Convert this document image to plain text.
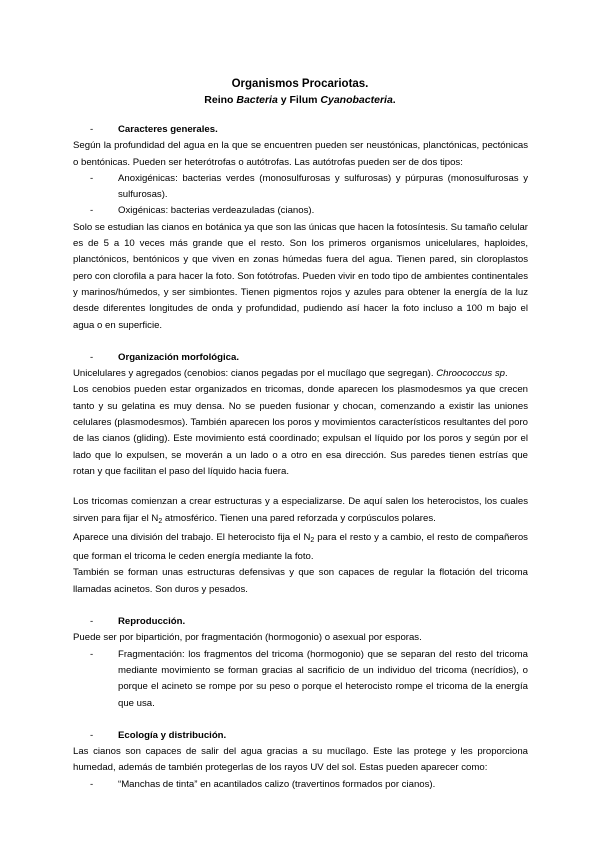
Organismos Procariotas.
Reino Bacteria y Filum Cyanobacteria.
-	Caracteres generales.

Según la profundidad del agua en la que se encuentren pueden ser neustónicas, planctónicas, pectónicas o bentónicas. Pueden ser heterótrofas o autótrofas. Las autótrofas pueden ser de dos tipos:

-	Anoxigénicas: bacterias verdes (monosulfurosas y sulfurosas) y púrpuras (monosulfurosas y sulfurosas).
-	Oxigénicas: bacterias verdeazuladas (cianos).

Solo se estudian las cianos en botánica ya que son las únicas que hacen la fotosíntesis. Su tamaño celular es de 5 a 10 veces más grande que el resto. Son los primeros organismos unicelulares, haploides, planctónicos, bentónicos y que viven en zonas húmedas fuera del agua. Tienen pared, sin cloroplastos pero con clorofila a para hacer la foto. Son fotótrofas. Pueden vivir en todo tipo de ambientes continentales y marinos/húmedos, y ser simbiontes. Tienen pigmentos rojos y azules para obtener la energía de la luz desde diferentes longitudes de onda y profundidad, pudiendo así hacer la foto incluso a 100 m bajo el agua o en superficie.

-	Organización morfológica.

Unicelulares y agregados (cenobios: cianos pegadas por el mucílago que segregan). Chroococcus sp.

Los cenobios pueden estar organizados en tricomas, donde aparecen los plasmodesmos ya que crecen tanto y su gelatina es muy densa. No se pueden fusionar y chocan, comenzando a existir las uniones celulares (plasmodesmos). También aparecen los poros y movimientos característicos resultantes del poro de las cianos (gliding). Este movimiento está coordinado; expulsan el líquido por los poros y según por el lado que lo expulsen, se moverán a un lado o a otro en esa dirección. Sus paredes tienen estrías que rotan y que facilitan el paso del líquido hacia fuera.

Los tricomas comienzan a crear estructuras y a especializarse. De aquí salen los heterocistos, los cuales sirven para fijar el $N_2$ atmosférico. Tienen una pared reforzada y corpúsculos polares.

Aparece una división del trabajo. El heterocisto fija el $N_2$ para el resto y a cambio, el resto de compañeros que forman el tricoma le ceden energía mediante la foto.

También se forman unas estructuras defensivas y que son capaces de regular la flotación del tricoma llamadas acinetos. Son duros y pesados.

-	Reproducción.

Puede ser por bipartición, por fragmentación (hormogonio) o asexual por esporas.

-	Fragmentación: los fragmentos del tricoma (hormogonio) que se separan del resto del tricoma mediante movimiento se forman gracias al sacrificio de un individuo del tricoma (necrídios), o porque el acineto se rompe por su peso o porque el heterocisto rompe el tricoma de la energía que usa.
-	Ecología y distribución.

Las cianos son capaces de salir del agua gracias a su mucílago. Este las protege y les proporciona humedad, además de también protegerlas de los rayos UV del sol. Estas pueden aparecer como:

-	“Manchas de tinta” en acantilados calizo (travertinos formados por cianos).
